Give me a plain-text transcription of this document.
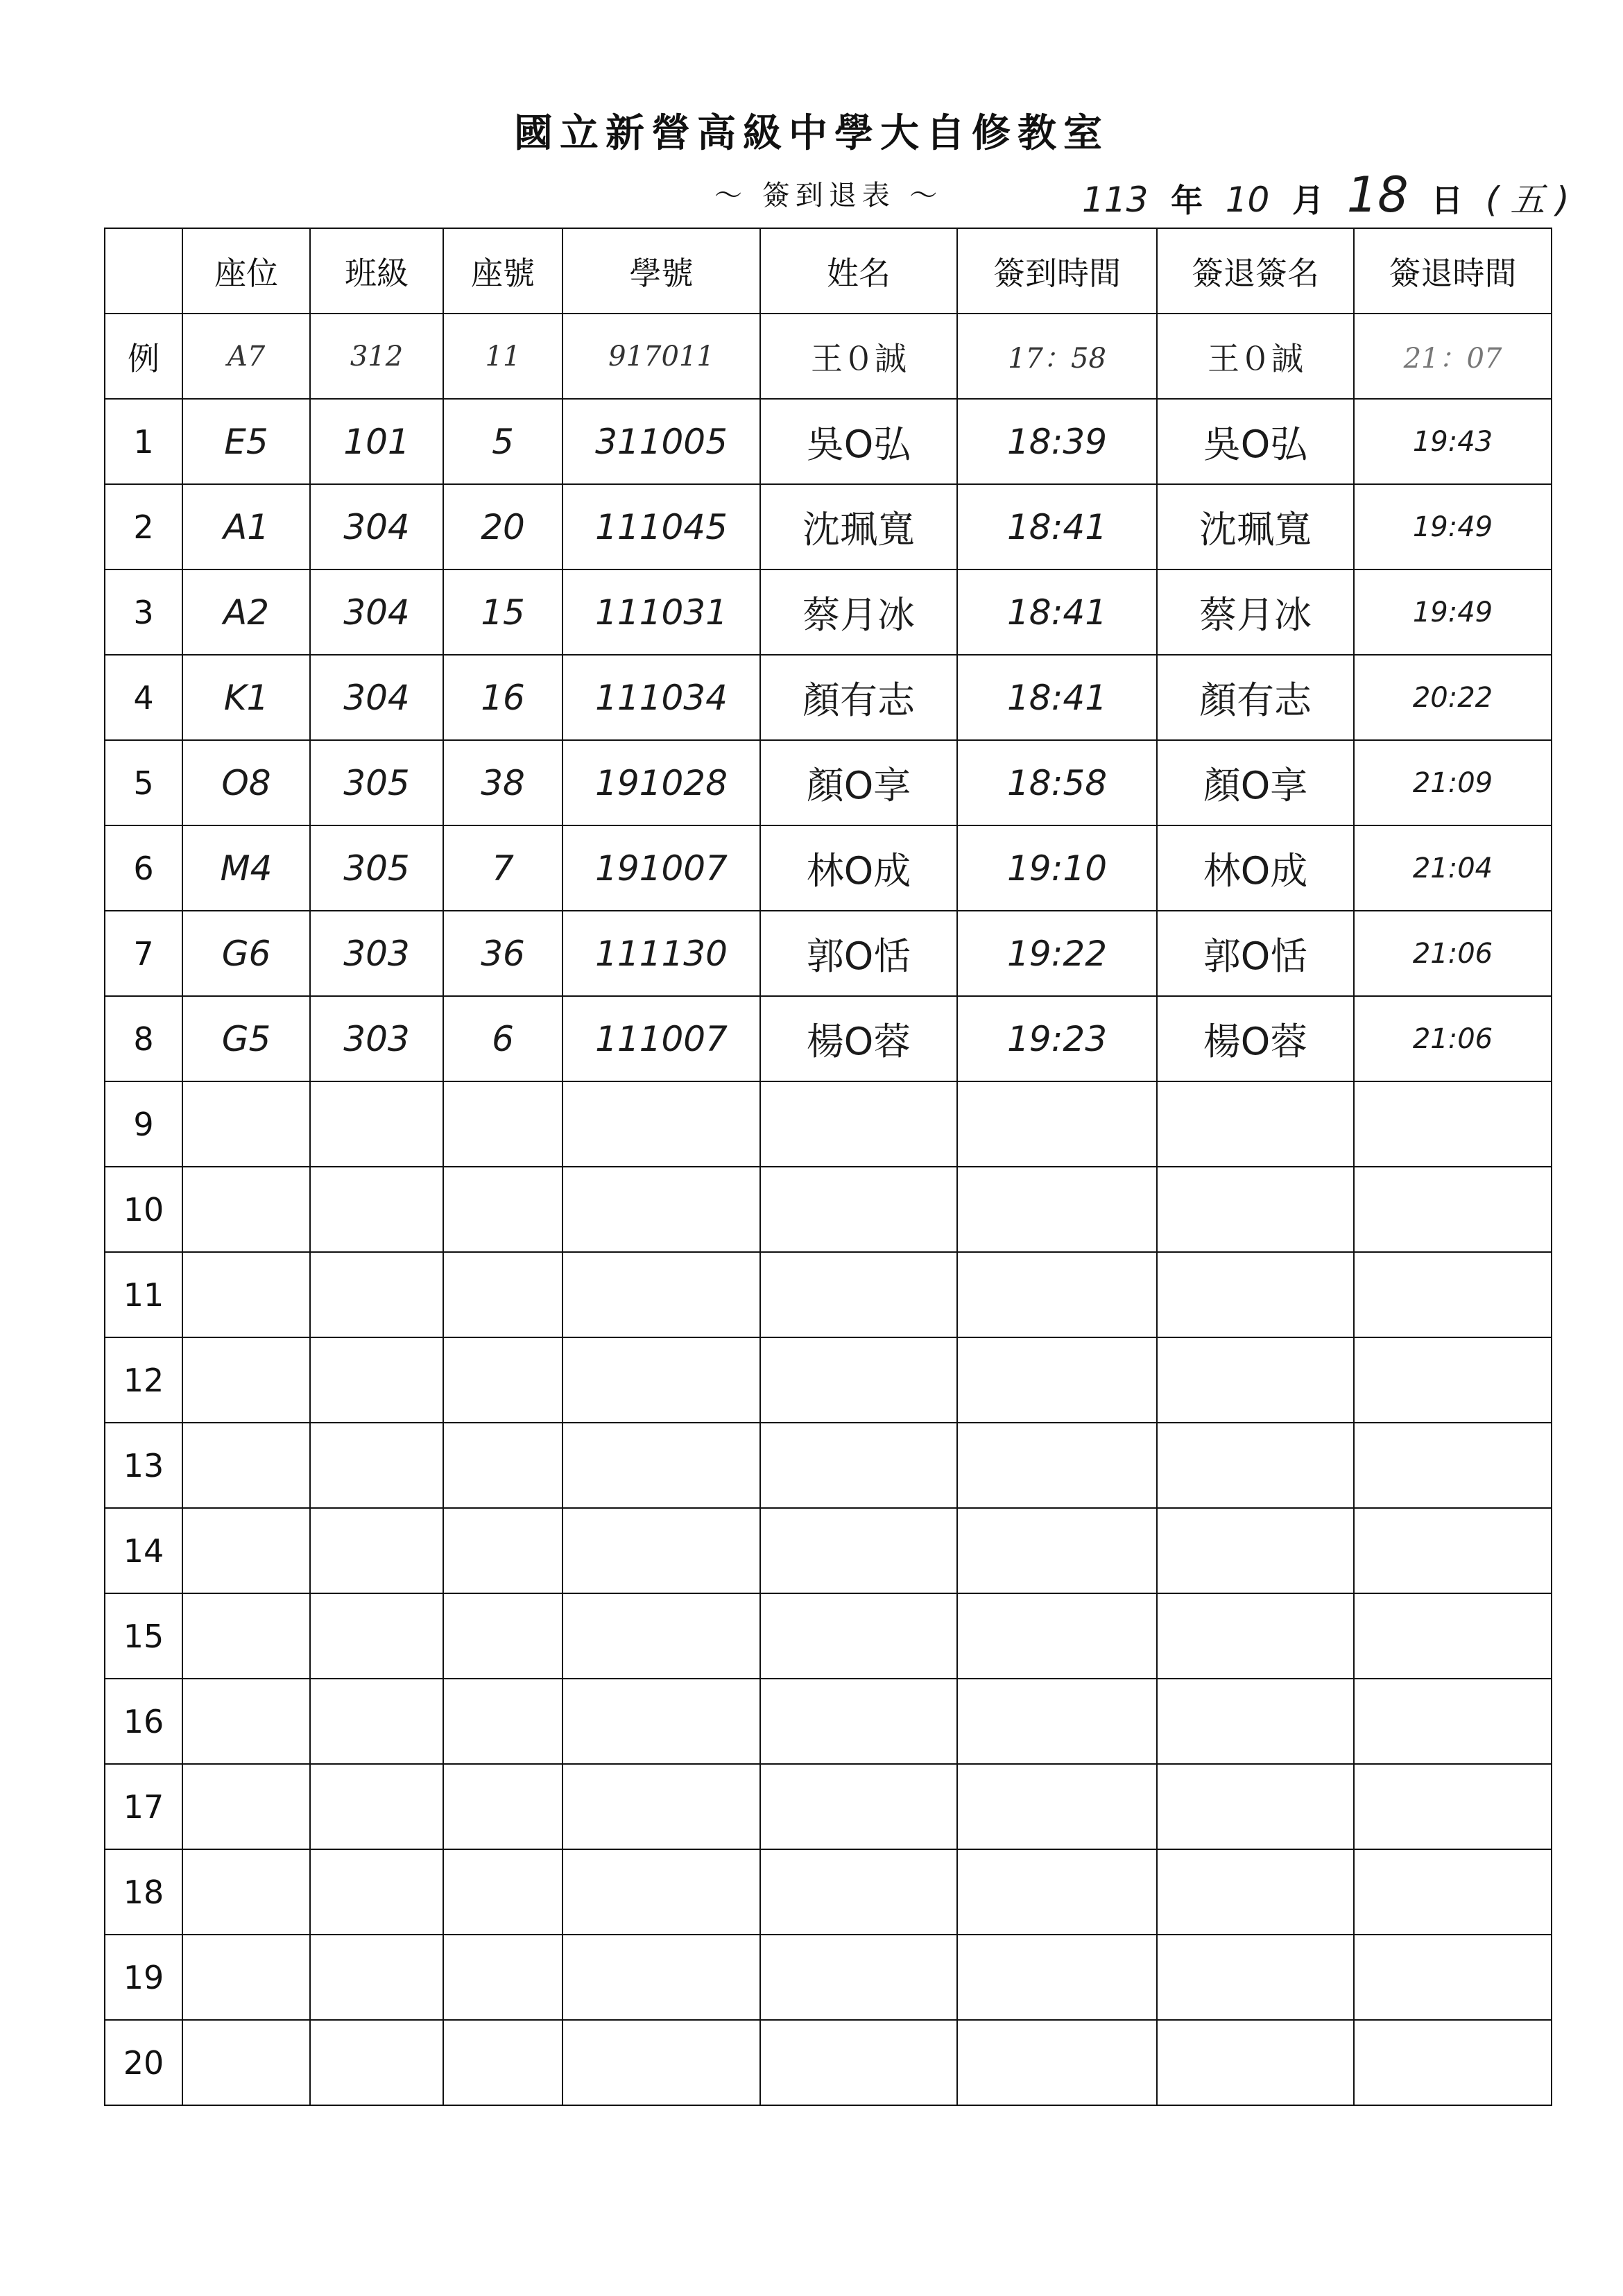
國立新營高級中學大自修教室
～ 簽到退表 ～	113 年 10 月 18 日 ( 五 )
	座位	班級	座號	學號	姓名	簽到時間	簽退簽名	簽退時間
例	A7	312	11	917011	王０誠	17：58	王０誠	21：07
1	E5	101	5	311005	吳O弘	18:39	吳O弘	19:43
2	A1	304	20	111045	沈珮寬	18:41	沈珮寬	19:49
3	A2	304	15	111031	蔡月冰	18:41	蔡月冰	19:49
4	K1	304	16	111034	顏有志	18:41	顏有志	20:22
5	O8	305	38	191028	顏O享	18:58	顏O享	21:09
6	M4	305	7	191007	林O成	19:10	林O成	21:04
7	G6	303	36	111130	郭O恬	19:22	郭O恬	21:06
8	G5	303	6	111007	楊O蓉	19:23	楊O蓉	21:06
9								
10								
11								
12								
13								
14								
15								
16								
17								
18								
19								
20								
